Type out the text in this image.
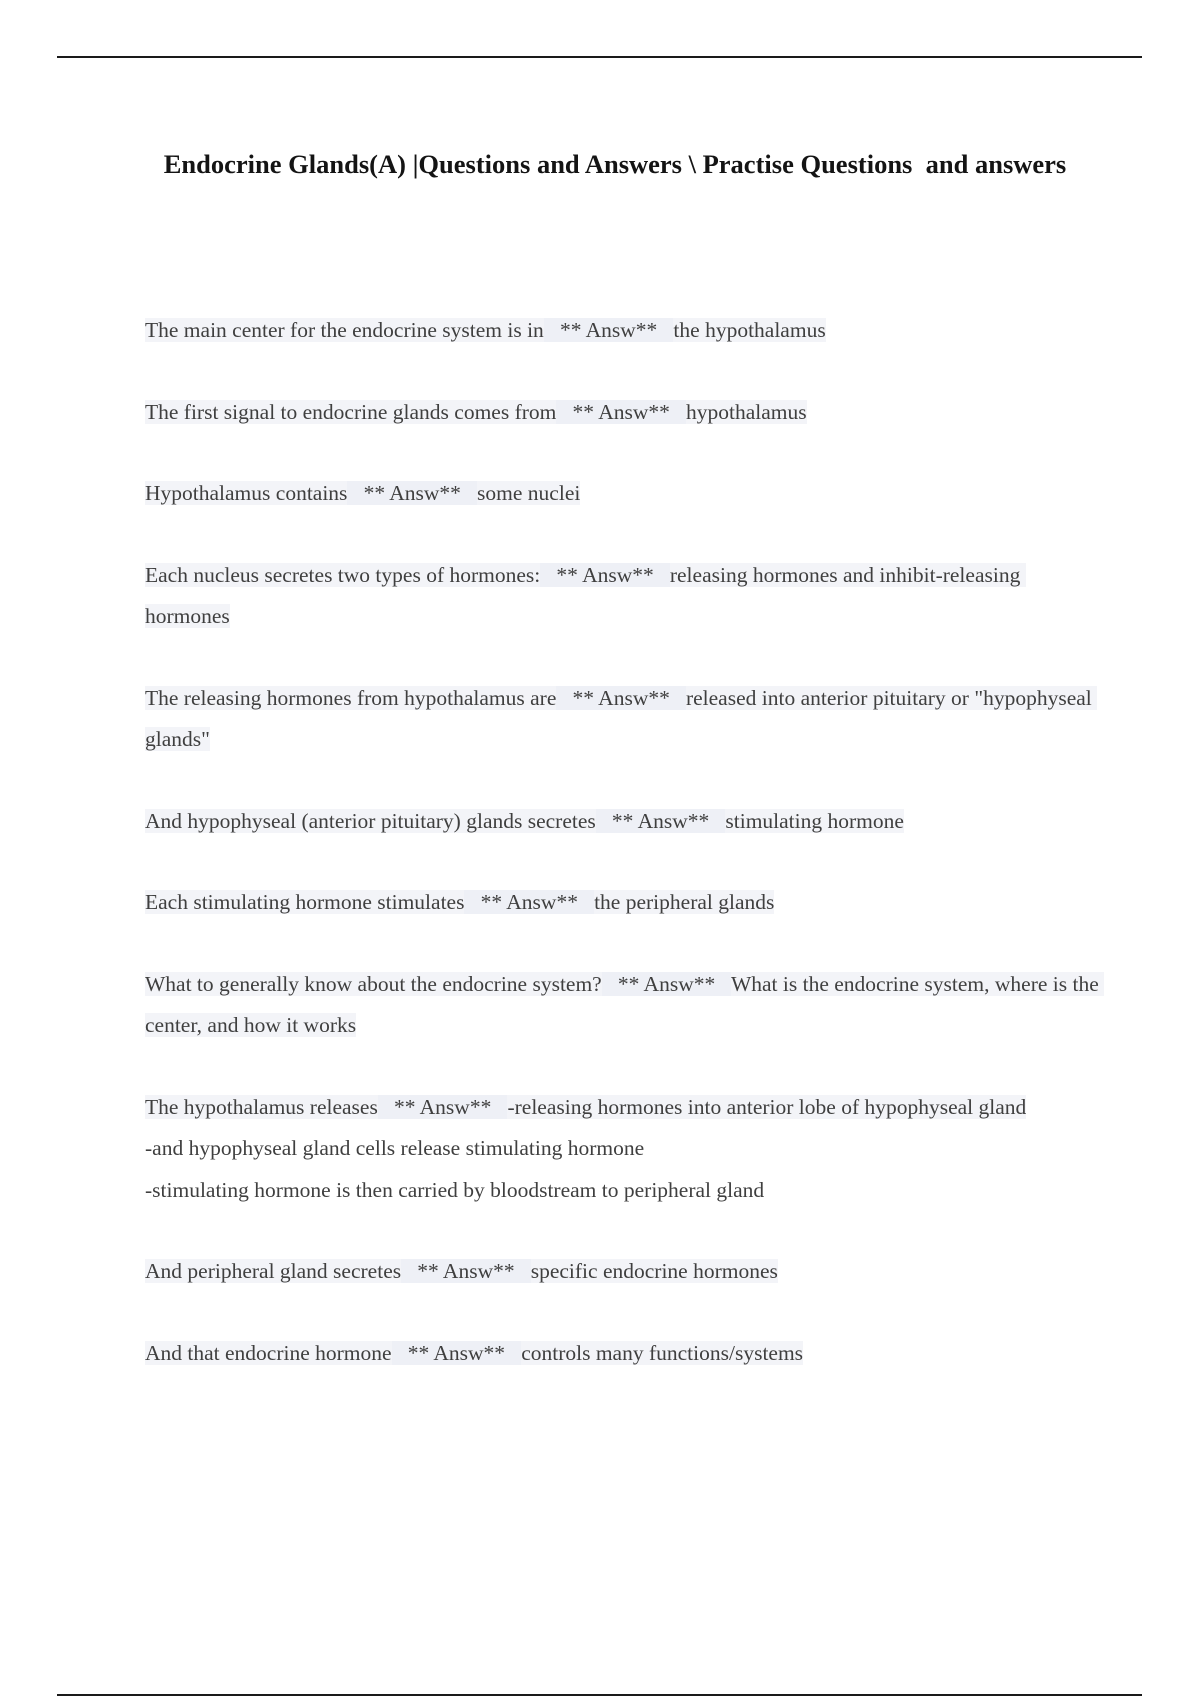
Endocrine Glands(A) |Questions and Answers \ Practise Questions  and answers
The main center for the endocrine system is in   ** Answ**   the hypothalamus
The first signal to endocrine glands comes from   ** Answ**   hypothalamus
Hypothalamus contains   ** Answ**   some nuclei
Each nucleus secretes two types of hormones:   ** Answ**   releasing hormones and inhibit-releasing hormones
The releasing hormones from hypothalamus are   ** Answ**   released into anterior pituitary or "hypophyseal glands"
And hypophyseal (anterior pituitary) glands secretes   ** Answ**   stimulating hormone
Each stimulating hormone stimulates   ** Answ**   the peripheral glands
What to generally know about the endocrine system?   ** Answ**   What is the endocrine system, where is the center, and how it works
The hypothalamus releases   ** Answ**   -releasing hormones into anterior lobe of hypophyseal gland
-and hypophyseal gland cells release stimulating hormone
-stimulating hormone is then carried by bloodstream to peripheral gland
And peripheral gland secretes   ** Answ**   specific endocrine hormones
And that endocrine hormone   ** Answ**   controls many functions/systems
